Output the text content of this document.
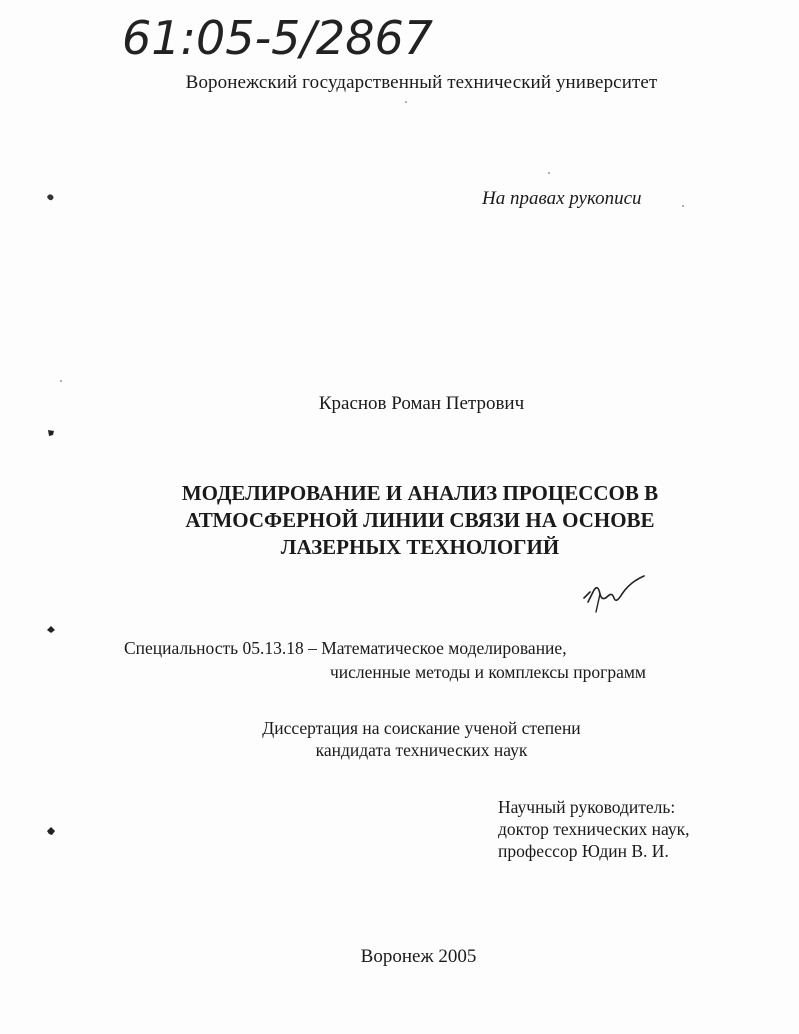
61:05-5/2867
Воронежский государственный технический университет
На правах рукописи
Краснов Роман Петрович
МОДЕЛИРОВАНИЕ И АНАЛИЗ ПРОЦЕССОВ В
АТМОСФЕРНОЙ ЛИНИИ СВЯЗИ НА ОСНОВЕ
ЛАЗЕРНЫХ ТЕХНОЛОГИЙ
Специальность 05.13.18 – Математическое моделирование,
численные методы и комплексы программ
Диссертация на соискание ученой степени
кандидата технических наук
Научный руководитель:
доктор технических наук,
профессор Юдин В. И.
Воронеж 2005
